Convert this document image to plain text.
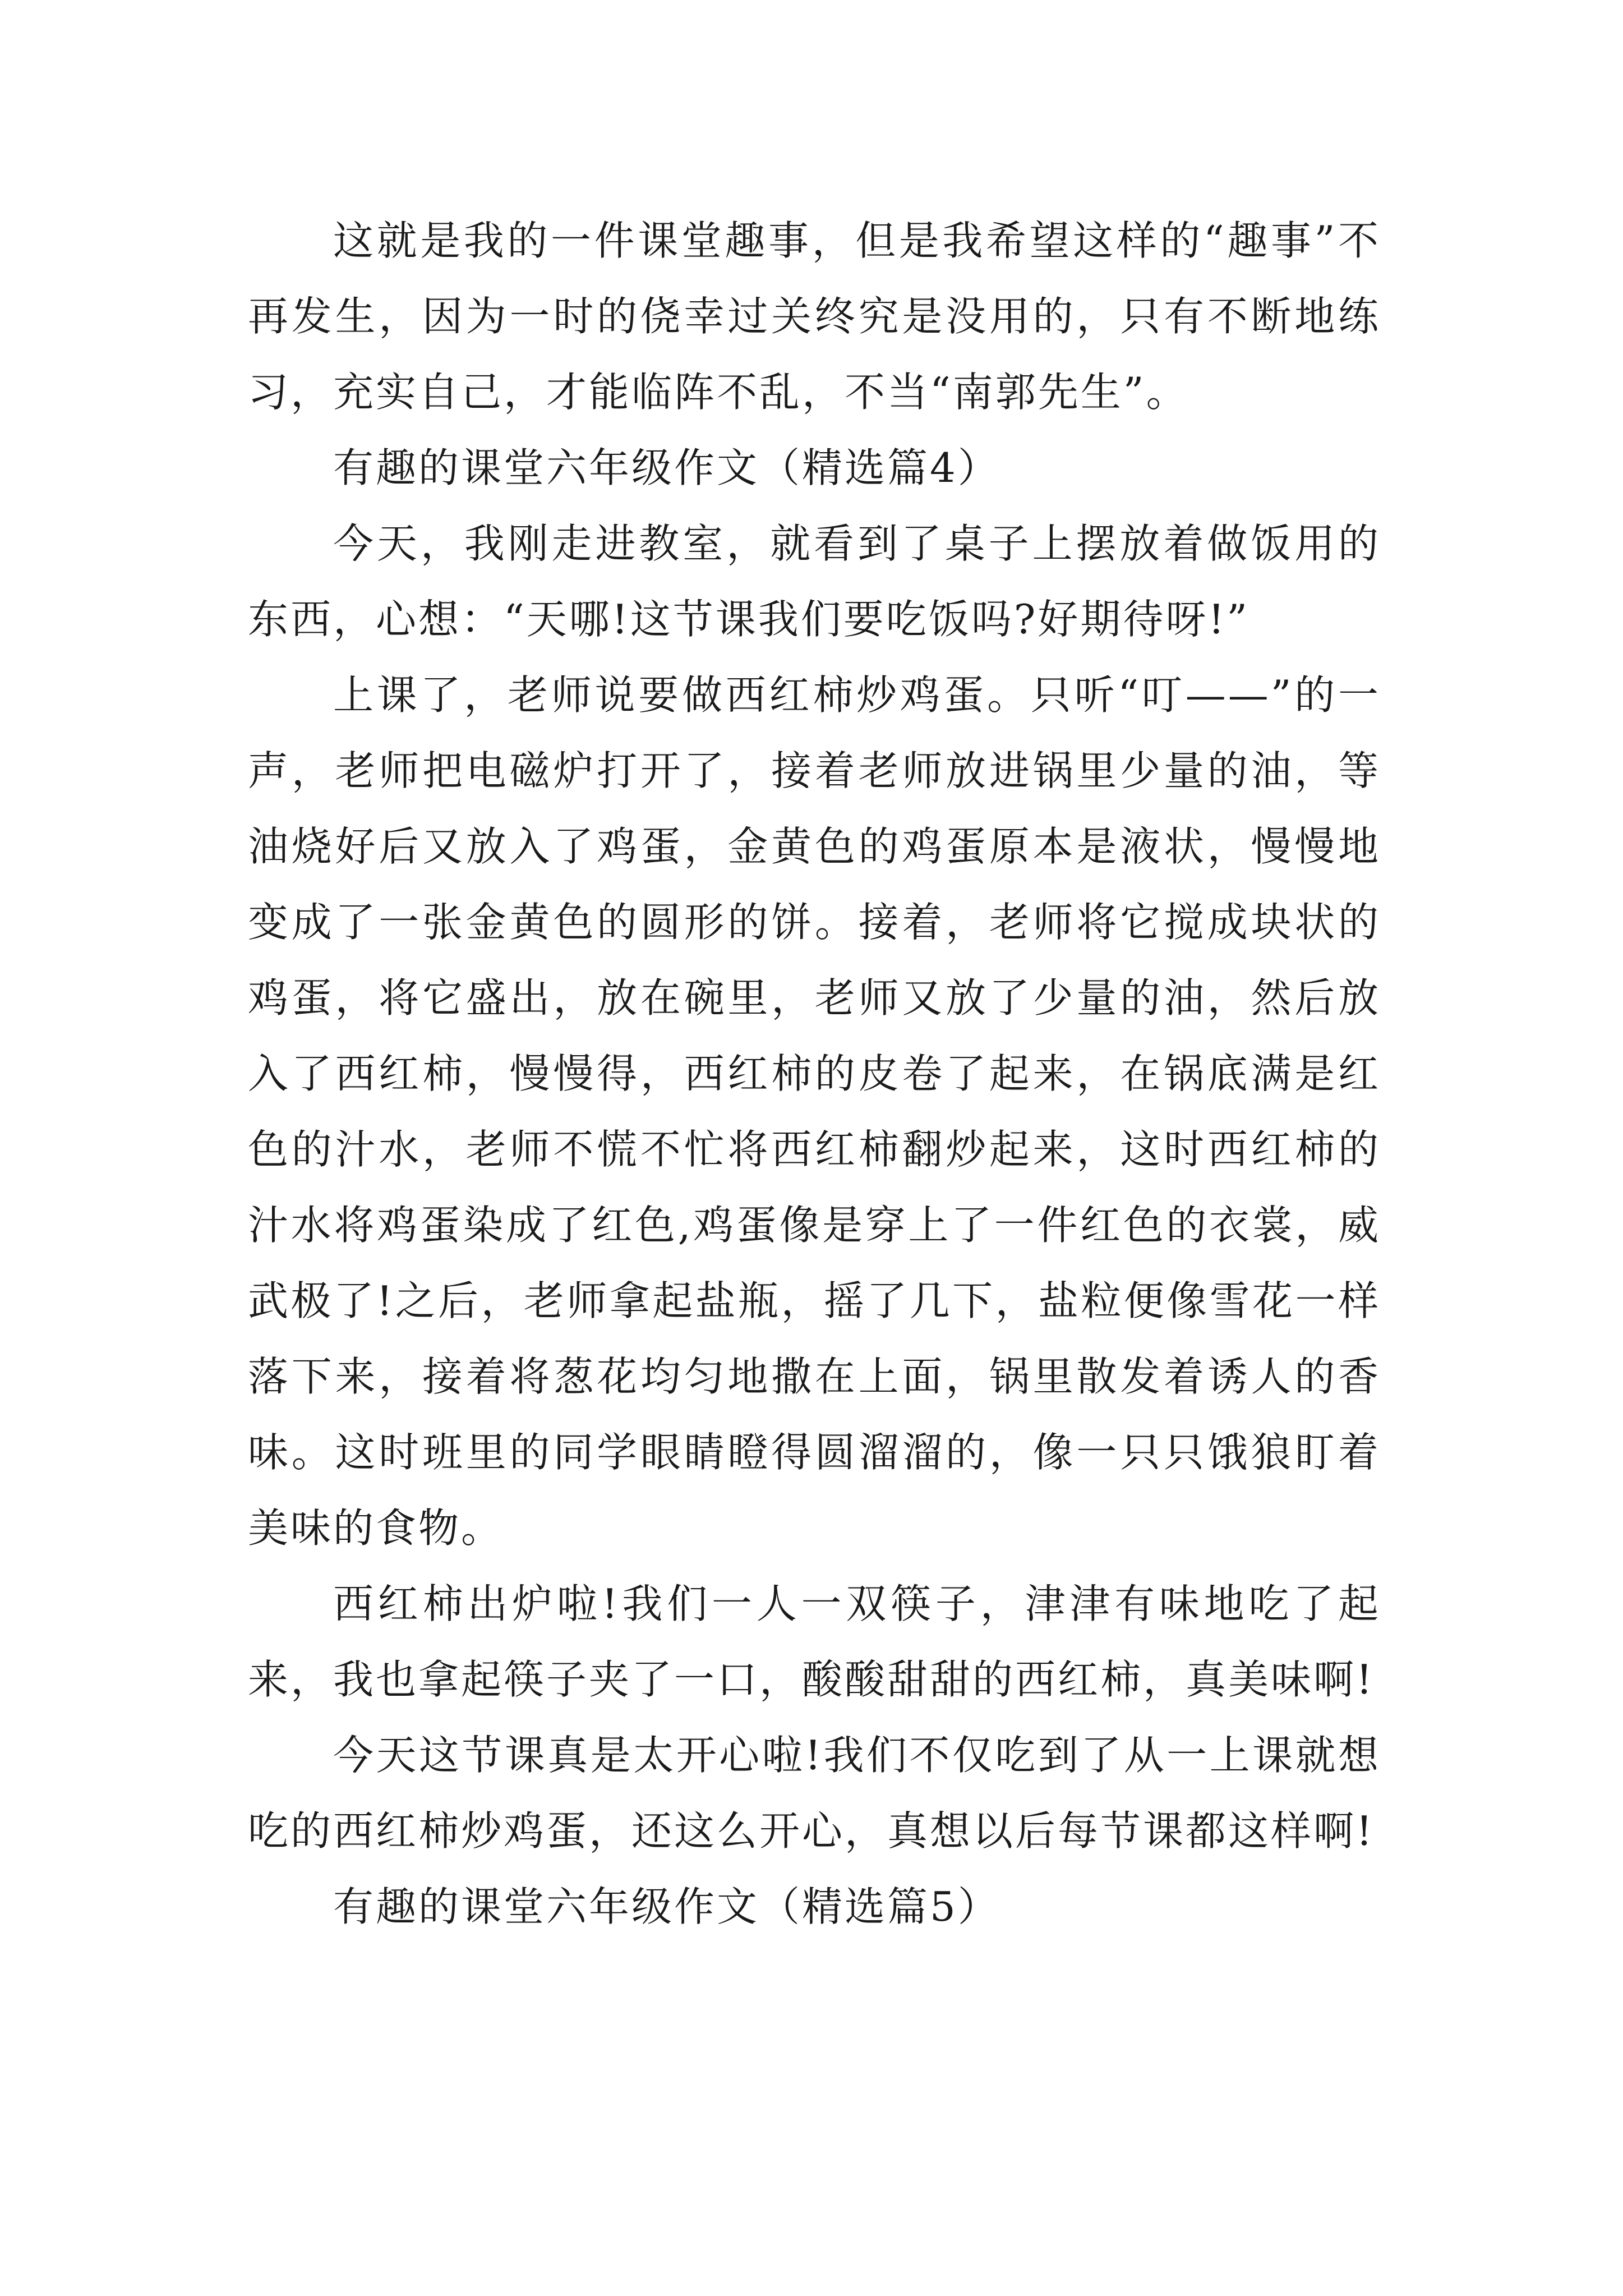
这就是我的一件课堂趣事，但是我希望这样的“趣事”不再发生，因为一时的侥幸过关终究是没用的，只有不断地练习，充实自己，才能临阵不乱，不当“南郭先生”。

有趣的课堂六年级作文（精选篇4）

今天，我刚走进教室，就看到了桌子上摆放着做饭用的东西，心想：“天哪!这节课我们要吃饭吗?好期待呀!”

上课了，老师说要做西红柿炒鸡蛋。只听“叮——”的一声，老师把电磁炉打开了，接着老师放进锅里少量的油，等油烧好后又放入了鸡蛋，金黄色的鸡蛋原本是液状，慢慢地变成了一张金黄色的圆形的饼。接着，老师将它搅成块状的鸡蛋，将它盛出，放在碗里，老师又放了少量的油，然后放入了西红柿，慢慢得，西红柿的皮卷了起来，在锅底满是红色的汁水，老师不慌不忙将西红柿翻炒起来，这时西红柿的汁水将鸡蛋染成了红色,鸡蛋像是穿上了一件红色的衣裳，威武极了!之后，老师拿起盐瓶，摇了几下，盐粒便像雪花一样落下来，接着将葱花均匀地撒在上面，锅里散发着诱人的香味。这时班里的同学眼睛瞪得圆溜溜的，像一只只饿狼盯着美味的食物。

西红柿出炉啦!我们一人一双筷子，津津有味地吃了起来，我也拿起筷子夹了一口，酸酸甜甜的西红柿，真美味啊!

今天这节课真是太开心啦!我们不仅吃到了从一上课就想吃的西红柿炒鸡蛋，还这么开心，真想以后每节课都这样啊!

有趣的课堂六年级作文（精选篇5）
